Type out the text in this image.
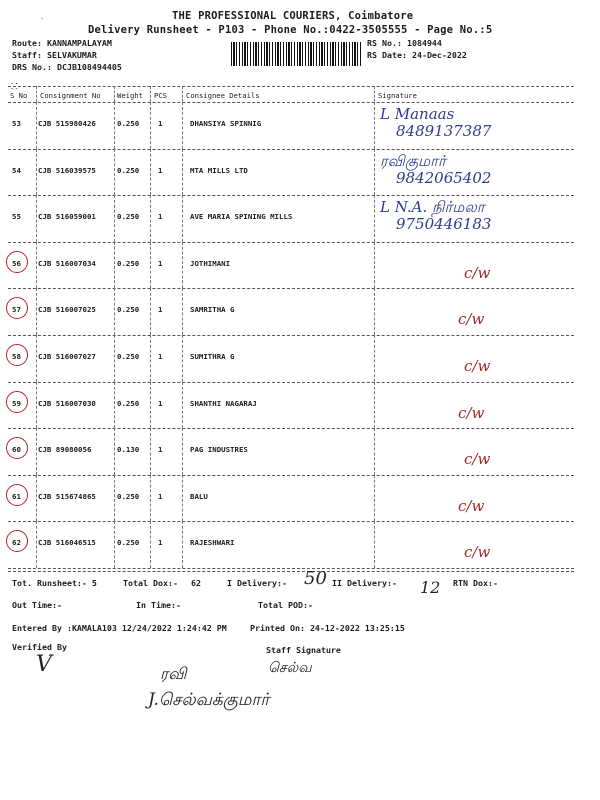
-	THE PROFESSIONAL COURIERS, Coimbatore
Delivery Runsheet - P103 - Phone No.:0422-3505555 - Page No.:5
Route: KANNAMPALAYAM
Staff: SELVAKUMAR
DRS No.: DCJB108494405
RS No.: 1084944
RS Date: 24-Dec-2022
..
--
S No Consignment No Weight PCS	Consignee Details	Signature
53 CJB 515980426	0.250	1	DHANSIYA SPINNIG
L Manaas
8489137387
54 CJB 516039575	0.250	1	MTA MILLS LTD
ரவிகுமார்
9842065402
55 CJB 516059001	0.250	1	AVE MARIA SPINING MILLS
L N.A. நிர்மலா
9750446183
56 CJB 516007034	0.250	1	JOTHIMANI
c/w
57 CJB 516007025	0.250	1	SAMRITHA G
c/w
58 CJB 516007027	0.250	1	SUMITHRA G
c/w
59 CJB 516007030	0.250	1	SHANTHI NAGARAJ
c/w
60 CJB 89080056	0.130	1	PAG INDUSTRES
c/w
61 CJB 515674865	0.250	1	BALU
c/w
62 CJB 516046515	0.250	1	RAJESHWARI
c/w
Tot. Runsheet:- 5	Total Dox:- 62	I Delivery:- 50 II Delivery:- 12 RTN Dox:-
Out Time:-	In Time:-	Total POD:-
Entered By :KAMALA103 12/24/2022 1:24:42 PM	Printed On: 24-12-2022 13:25:15
Verified By	Staff Signature
V	ரவி	செல்வ
J.செல்வக்குமார்
